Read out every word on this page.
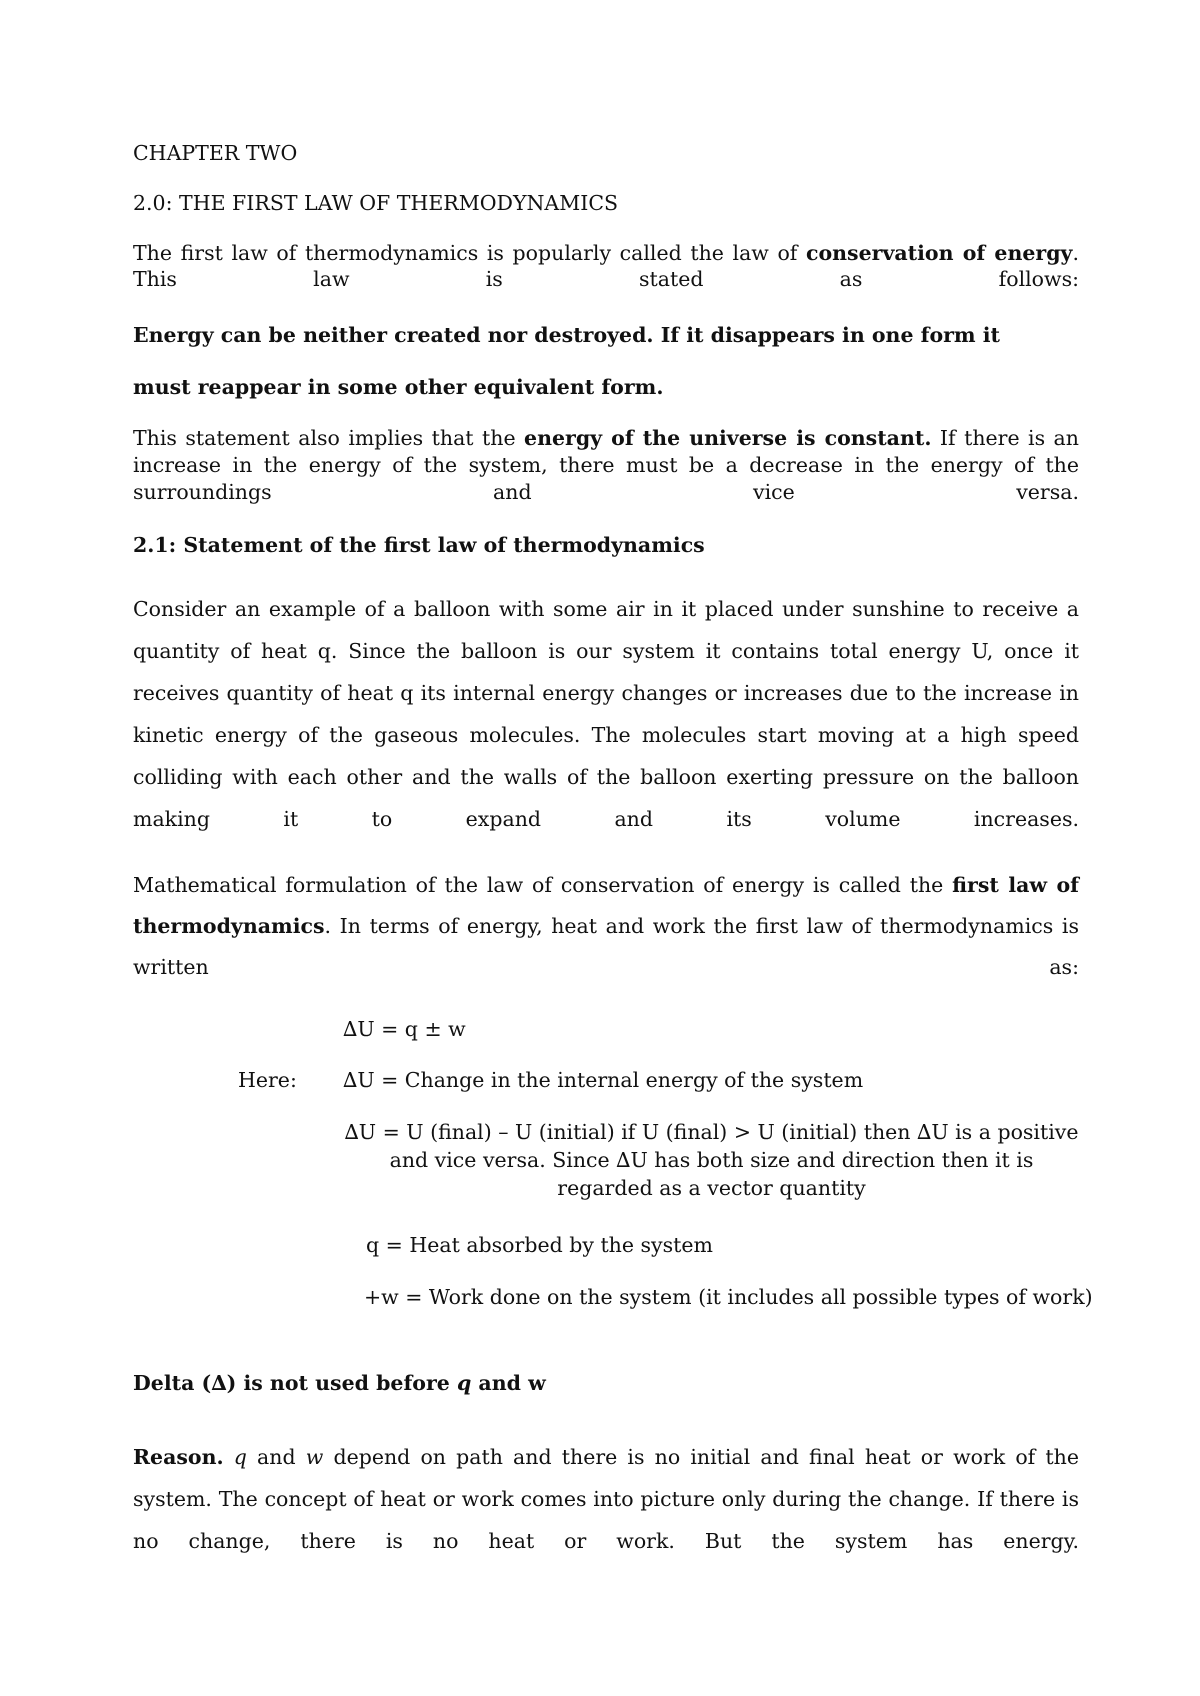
CHAPTER TWO

2.0: THE FIRST LAW OF THERMODYNAMICS

The first law of thermodynamics is popularly called the law of conservation of energy. This law is stated as follows:

Energy can be neither created nor destroyed. If it disappears in one form it

must reappear in some other equivalent form.

This statement also implies that the energy of the universe is constant. If there is an increase in the energy of the system, there must be a decrease in the energy of the surroundings and vice versa.

2.1: Statement of the first law of thermodynamics

Consider an example of a balloon with some air in it placed under sunshine to receive a quantity of heat q. Since the balloon is our system it contains total energy U, once it receives quantity of heat q its internal energy changes or increases due to the increase in kinetic energy of the gaseous molecules. The molecules start moving at a high speed colliding with each other and the walls of the balloon exerting pressure on the balloon making it to expand and its volume increases.

Mathematical formulation of the law of conservation of energy is called the first law of thermodynamics. In terms of energy, heat and work the first law of thermodynamics is written as:

∆U = q ± w

Here: ∆U = Change in the internal energy of the system

∆U = U (final) – U (initial) if U (final) > U (initial) then ∆U is a positive and vice versa. Since ∆U has both size and direction then it is regarded as a vector quantity

q = Heat absorbed by the system

+w = Work done on the system (it includes all possible types of work)

Delta (∆) is not used before q and w

Reason. q and w depend on path and there is no initial and final heat or work of the system. The concept of heat or work comes into picture only during the change. If there is no change, there is no heat or work. But the system has energy.
